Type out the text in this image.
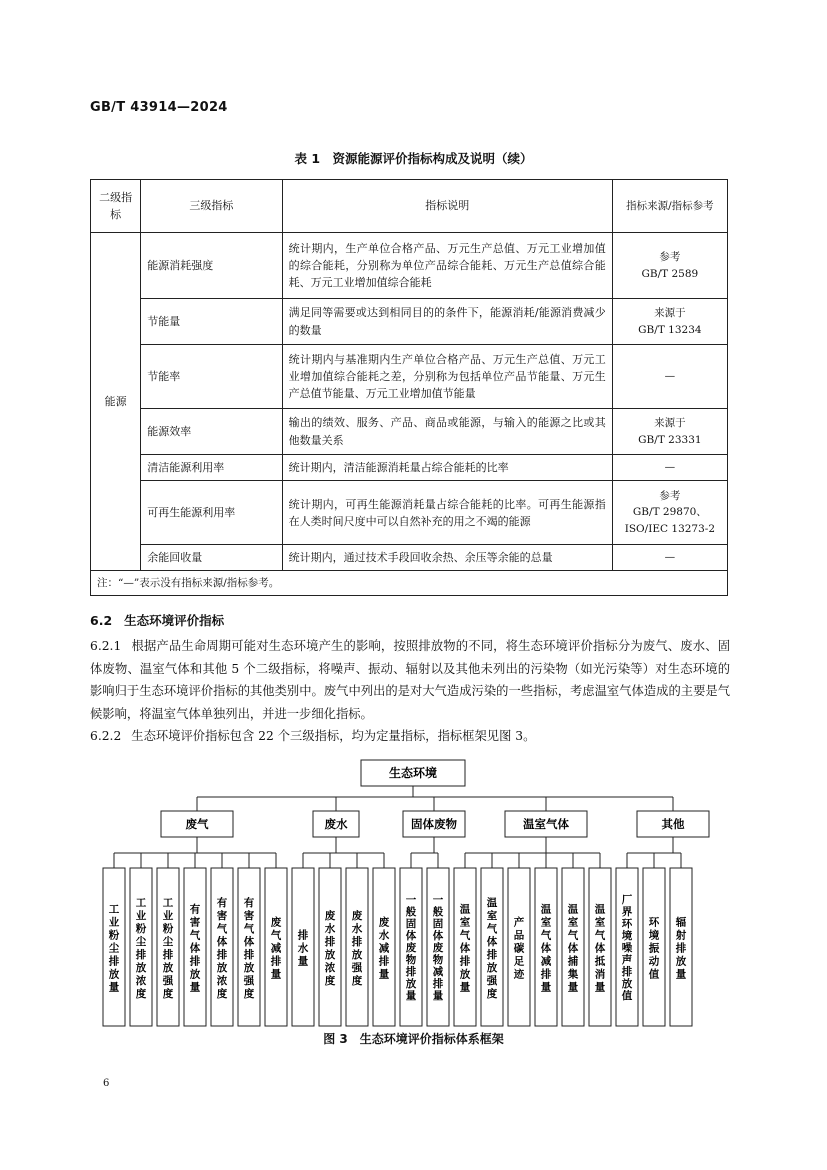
GB/T 43914—2024
表 1　资源能源评价指标构成及说明（续）
二级指标	三级指标	指标说明	指标来源/指标参考
能源	能源消耗强度	统计期内，生产单位合格产品、万元生产总值、万元工业增加值的综合能耗，分别称为单位产品综合能耗、万元生产总值综合能耗、万元工业增加值综合能耗	参考
GB/T 2589
	节能量	满足同等需要或达到相同目的的条件下，能源消耗/能源消费减少的数量	来源于
GB/T 13234
	节能率	统计期内与基准期内生产单位合格产品、万元生产总值、万元工业增加值综合能耗之差，分别称为包括单位产品节能量、万元生产总值节能量、万元工业增加值节能量	—
	能源效率	输出的绩效、服务、产品、商品或能源，与输入的能源之比或其他数量关系	来源于
GB/T 23331
	清洁能源利用率	统计期内，清洁能源消耗量占综合能耗的比率	—
	可再生能源利用率	统计期内，可再生能源消耗量占综合能耗的比率。可再生能源指在人类时间尺度中可以自然补充的用之不竭的能源	参考
GB/T 29870、
ISO/IEC 13273-2
	余能回收量	统计期内，通过技术手段回收余热、余压等余能的总量	—
注：“—”表示没有指标来源/指标参考。			
6.2 生态环境评价指标
6.2.1 根据产品生命周期可能对生态环境产生的影响，按照排放物的不同，将生态环境评价指标分为废气、废水、固体废物、温室气体和其他 5 个二级指标，将噪声、振动、辐射以及其他未列出的污染物（如光污染等）对生态环境的影响归于生态环境评价指标的其他类别中。废气中列出的是对大气造成污染的一些指标，考虑温室气体造成的主要是气候影响，将温室气体单独列出，并进一步细化指标。
6.2.2 生态环境评价指标包含 22 个三级指标，均为定量指标，指标框架见图 3。
生态环境
废气
工业粉尘排放量
工业粉尘排放浓度
工业粉尘排放强度
有害气体排放量
有害气体排放浓度
有害气体排放强度
废气减排量
废水
排水量
废水排放浓度
废水排放强度
废水减排量
固体废物
一般固体废物排放量
一般固体废物减排量
温室气体
温室气体排放量
温室气体排放强度
产品碳足迹
温室气体减排量
温室气体捕集量
温室气体抵消量
其他
厂界环境噪声排放值
环境振动值
辐射排放量
图 3　生态环境评价指标体系框架
6
